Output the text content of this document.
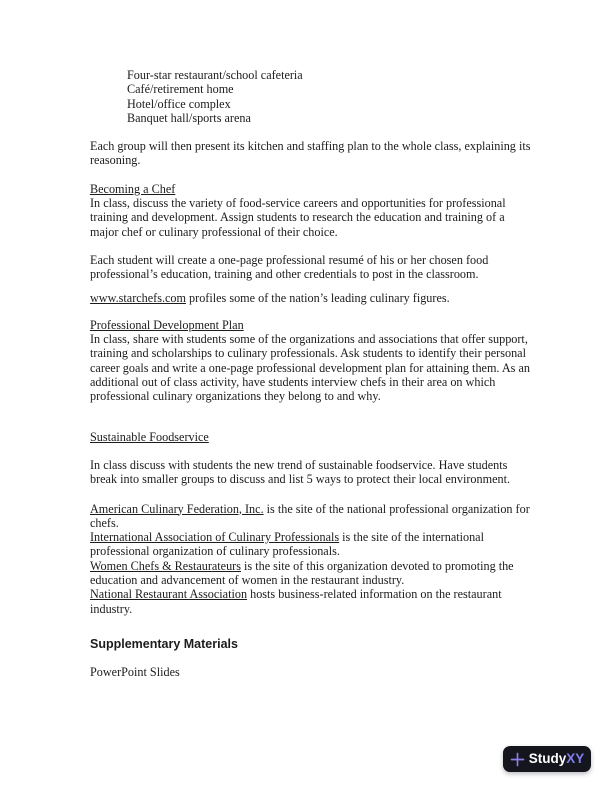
Four-star restaurant/school cafeteria
Café/retirement home
Hotel/office complex
Banquet hall/sports arena
Each group will then present its kitchen and staffing plan to the whole class, explaining its reasoning.
Becoming a Chef
In class, discuss the variety of food-service careers and opportunities for professional training and development. Assign students to research the education and training of a major chef or culinary professional of their choice.
Each student will create a one-page professional resumé of his or her chosen food professional’s education, training and other credentials to post in the classroom.
www.starchefs.com profiles some of the nation’s leading culinary figures.
Professional Development Plan
In class, share with students some of the organizations and associations that offer support, training and scholarships to culinary professionals. Ask students to identify their personal career goals and write a one-page professional development plan for attaining them. As an additional out of class activity, have students interview chefs in their area on which professional culinary organizations they belong to and why.
Sustainable Foodservice
In class discuss with students the new trend of sustainable foodservice. Have students break into smaller groups to discuss and list 5 ways to protect their local environment.
American Culinary Federation, Inc. is the site of the national professional organization for chefs.
International Association of Culinary Professionals is the site of the international professional organization of culinary professionals.
Women Chefs & Restaurateurs is the site of this organization devoted to promoting the education and advancement of women in the restaurant industry.
National Restaurant Association hosts business-related information on the restaurant industry.
Supplementary Materials
PowerPoint Slides
StudyXY
